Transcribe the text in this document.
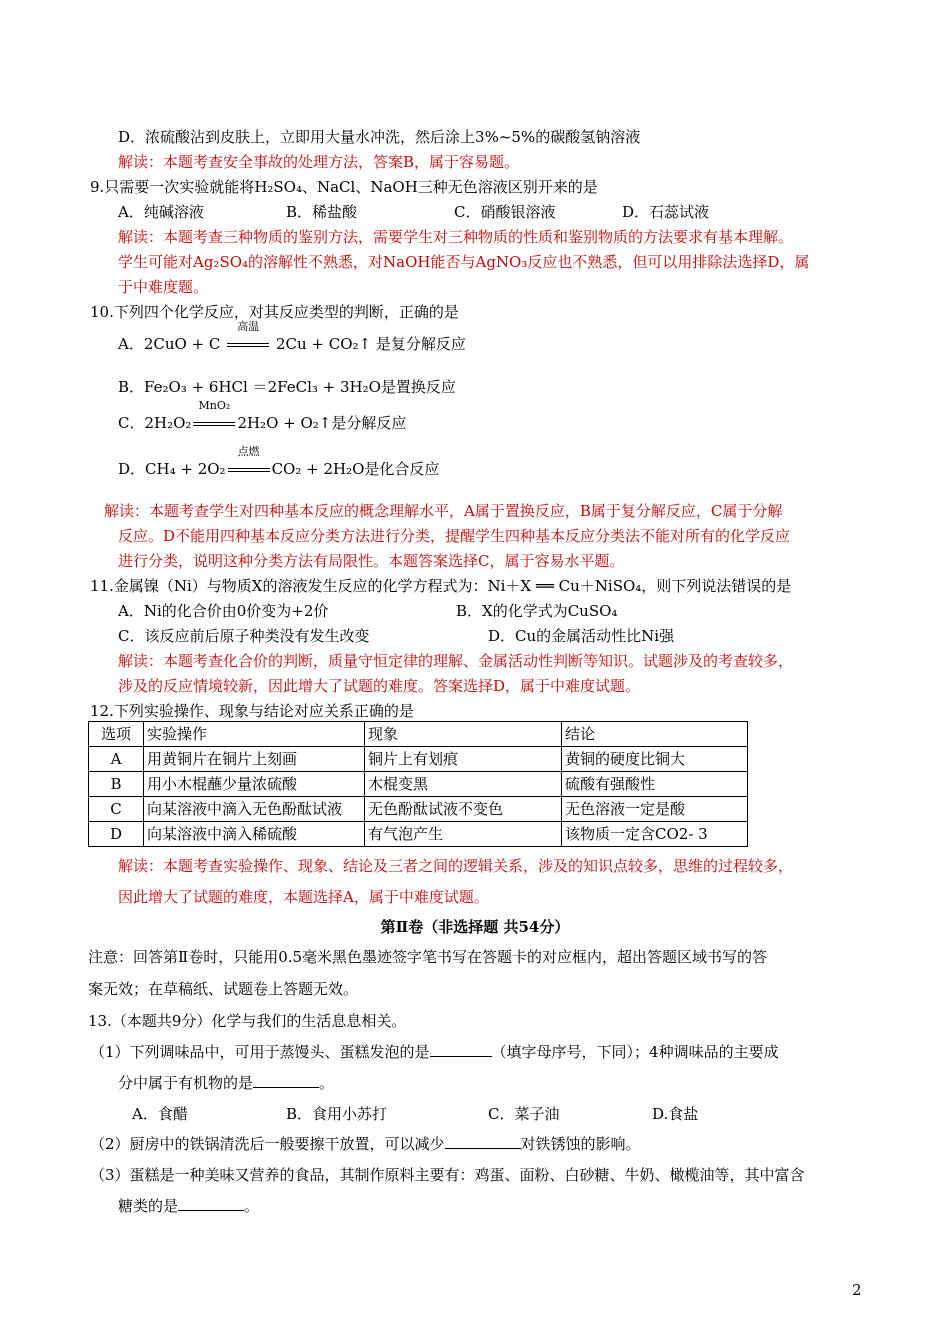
D．浓硫酸沾到皮肤上，立即用大量水冲洗，然后涂上3%~5%的碳酸氢钠溶液
解读：本题考查安全事故的处理方法，答案B，属于容易题。
9.只需要一次实验就能将H₂SO₄、NaCl、NaOH三种无色溶液区别开来的是
A．纯碱溶液	B．稀盐酸	C．硝酸银溶液	D．石蕊试液
解读：本题考查三种物质的鉴别方法，需要学生对三种物质的性质和鉴别物质的方法要求有基本理解。
学生可能对Ag₂SO₄的溶解性不熟悉，对NaOH能否与AgNO₃反应也不熟悉，但可以用排除法选择D，属
于中难度题。
10.下列四个化学反应，对其反应类型的判断，正确的是
A．2CuO + C
高温
2Cu + CO₂↑ 是复分解反应
B．Fe₂O₃ + 6HCl ＝2FeCl₃ + 3H₂O是置换反应
C．2H₂O₂
MnO₂
2H₂O + O₂↑是分解反应
D．CH₄ + 2O₂
点燃
CO₂ + 2H₂O是化合反应
解读：本题考查学生对四种基本反应的概念理解水平，A属于置换反应，B属于复分解反应，C属于分解
反应。D不能用四种基本反应分类方法进行分类，提醒学生四种基本反应分类法不能对所有的化学反应
进行分类，说明这种分类方法有局限性。本题答案选择C，属于容易水平题。
11.金属镍（Ni）与物质X的溶液发生反应的化学方程式为：Ni＋X ══ Cu＋NiSO₄，则下列说法错误的是
A．Ni的化合价由0价变为+2价	B．X的化学式为CuSO₄
C．该反应前后原子种类没有发生改变	D．Cu的金属活动性比Ni强
解读：本题考查化合价的判断，质量守恒定律的理解、金属活动性判断等知识。试题涉及的考查较多，
涉及的反应情境较新，因此增大了试题的难度。答案选择D，属于中难度试题。
12.下列实验操作、现象与结论对应关系正确的是
选项	实验操作	现象	结论
A	用黄铜片在铜片上刻画	铜片上有划痕	黄铜的硬度比铜大
B	用小木棍蘸少量浓硫酸	木棍变黑	硫酸有强酸性
C	向某溶液中滴入无色酚酞试液	无色酚酞试液不变色	无色溶液一定是酸
D	向某溶液中滴入稀硫酸	有气泡产生	该物质一定含CO2- 3
解读：本题考查实验操作、现象、结论及三者之间的逻辑关系，涉及的知识点较多，思维的过程较多，
因此增大了试题的难度，本题选择A，属于中难度试题。
第Ⅱ卷（非选择题 共54分）
注意：回答第Ⅱ卷时，只能用0.5毫米黑色墨迹签字笔书写在答题卡的对应框内，超出答题区域书写的答
案无效；在草稿纸、试题卷上答题无效。
13.（本题共9分）化学与我们的生活息息相关。
（1）下列调味品中，可用于蒸馒头、蛋糕发泡的是	（填字母序号，下同）；4种调味品的主要成
分中属于有机物的是	。
A．食醋	B．食用小苏打	C．菜子油	D.食盐
（2）厨房中的铁锅清洗后一般要擦干放置，可以减少	对铁锈蚀的影响。
（3）蛋糕是一种美味又营养的食品，其制作原料主要有：鸡蛋、面粉、白砂糖、牛奶、橄榄油等，其中富含
糖类的是	。
2
